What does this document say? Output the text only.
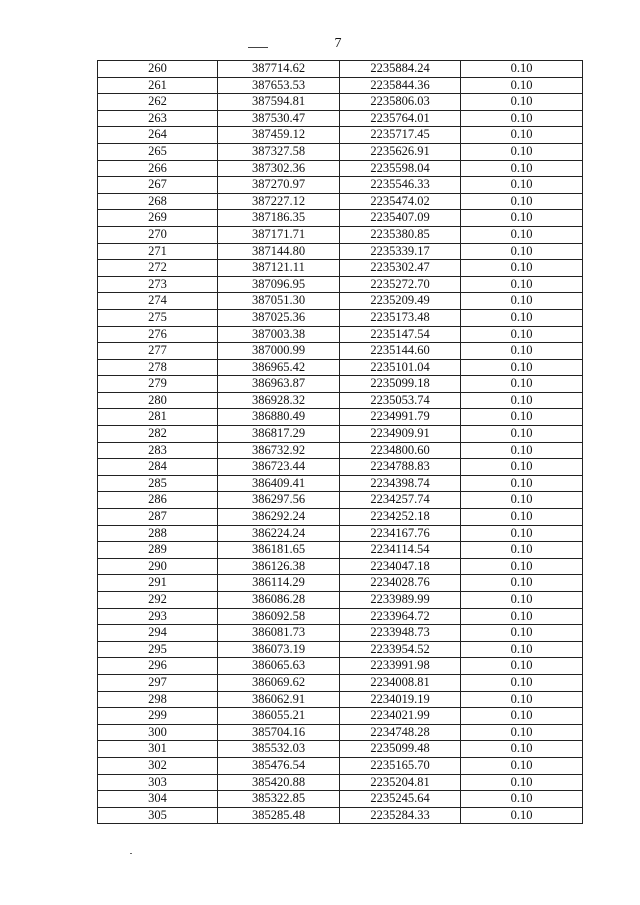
7
260	387714.62	2235884.24	0.10
261	387653.53	2235844.36	0.10
262	387594.81	2235806.03	0.10
263	387530.47	2235764.01	0.10
264	387459.12	2235717.45	0.10
265	387327.58	2235626.91	0.10
266	387302.36	2235598.04	0.10
267	387270.97	2235546.33	0.10
268	387227.12	2235474.02	0.10
269	387186.35	2235407.09	0.10
270	387171.71	2235380.85	0.10
271	387144.80	2235339.17	0.10
272	387121.11	2235302.47	0.10
273	387096.95	2235272.70	0.10
274	387051.30	2235209.49	0.10
275	387025.36	2235173.48	0.10
276	387003.38	2235147.54	0.10
277	387000.99	2235144.60	0.10
278	386965.42	2235101.04	0.10
279	386963.87	2235099.18	0.10
280	386928.32	2235053.74	0.10
281	386880.49	2234991.79	0.10
282	386817.29	2234909.91	0.10
283	386732.92	2234800.60	0.10
284	386723.44	2234788.83	0.10
285	386409.41	2234398.74	0.10
286	386297.56	2234257.74	0.10
287	386292.24	2234252.18	0.10
288	386224.24	2234167.76	0.10
289	386181.65	2234114.54	0.10
290	386126.38	2234047.18	0.10
291	386114.29	2234028.76	0.10
292	386086.28	2233989.99	0.10
293	386092.58	2233964.72	0.10
294	386081.73	2233948.73	0.10
295	386073.19	2233954.52	0.10
296	386065.63	2233991.98	0.10
297	386069.62	2234008.81	0.10
298	386062.91	2234019.19	0.10
299	386055.21	2234021.99	0.10
300	385704.16	2234748.28	0.10
301	385532.03	2235099.48	0.10
302	385476.54	2235165.70	0.10
303	385420.88	2235204.81	0.10
304	385322.85	2235245.64	0.10
305	385285.48	2235284.33	0.10
